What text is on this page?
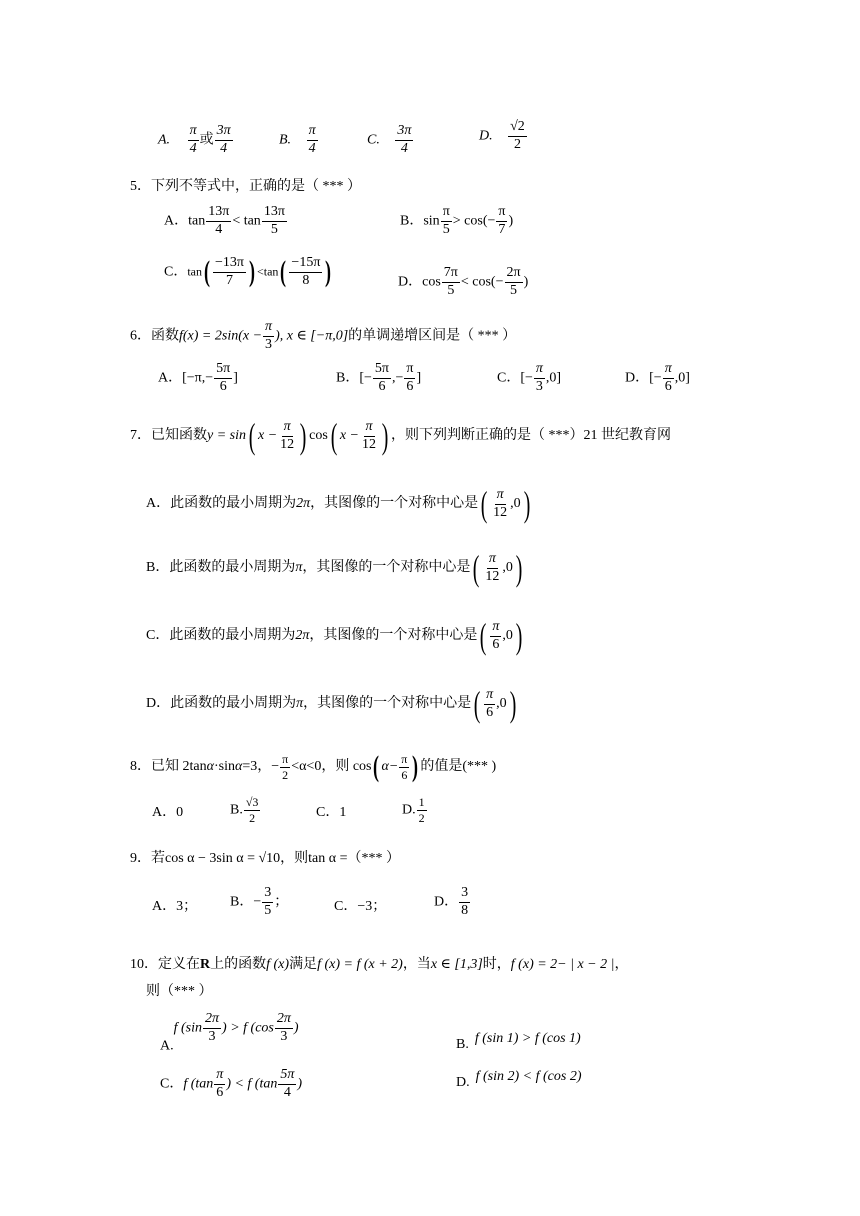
A. $\frac{\pi}{4}$ 或 $\frac{3\pi}{4}$	B. $\frac{\pi}{4}$	C. $\frac{3\pi}{4}$	D. $\frac{√2}{2}$
5．下列不等式中，正确的是（ *** ）
A．$\tan \frac{13\pi}{4} < \tan \frac{13\pi}{5}$	B．$\sin \frac{\pi}{5} > \cos(- \frac{\pi}{7}$ )
C．$\tan( \frac{-13\pi}{7}$ ) $<\tan( \frac{-15\pi}{8}$ )	D．$\cos \frac{7\pi}{5} < \cos(- \frac{2\pi}{5}$ )
6．函数$f(x) = 2\sin(x - \frac{\pi}{3}$ ), x ∈ [−π,0]的单调递增区间是（ *** ）
A．[$-\pi,- \frac{5\pi}{6}$ ]	B．[− $\frac{5\pi}{6}$ ,− $\frac{\pi}{6}$ ]	C．[− $\frac{\pi}{3} ,0$]	D．[− $\frac{\pi}{6} ,0$]
7．已知函数y = sin( $x - \frac{\pi}{12}$ ) cos( $x - \frac{\pi}{12}$ ) ，则下列判断正确的是（ ***）21 世纪教育网
A．此函数的最小周期为2π，其图像的一个对称中心是( $\frac{\pi}{12} ,0$)
B．此函数的最小周期为π，其图像的一个对称中心是( $\frac{\pi}{12} ,0$)
C．此函数的最小周期为2π，其图像的一个对称中心是( $\frac{\pi}{6} ,0$)
D．此函数的最小周期为π，其图像的一个对称中心是( $\frac{\pi}{6} ,0$)
8．已知 2tanα·sinα=3，− $\frac{\pi}{2} <\alpha<0$，则 cos( $\alpha- \frac{\pi}{6}$ ) 的值是(*** )
A．0	B. $\frac{√3}{2}$	C．1	D. $\frac{1}{2}$
9．若cos α − 3sin α = √10，则tan α =（*** ）
A．3； B．− $\frac{3}{5}$ ；	C．−3；	D． $\frac{3}{8}$
10．定义在R上的函数f (x)满足f (x) = f (x + 2)，当x ∈ [1,3]时，f (x) = 2− | x − 2 |，
则（*** ）
A.f ($\sin \frac{2\pi}{3}$ ) > f ($\cos \frac{2\pi}{3}$ )
B. f (sin 1) > f (cos 1)
C．f ($\tan \frac{\pi}{6}$ ) < f ($\tan \frac{5\pi}{4}$ )	D. f (sin 2) < f (cos 2)
